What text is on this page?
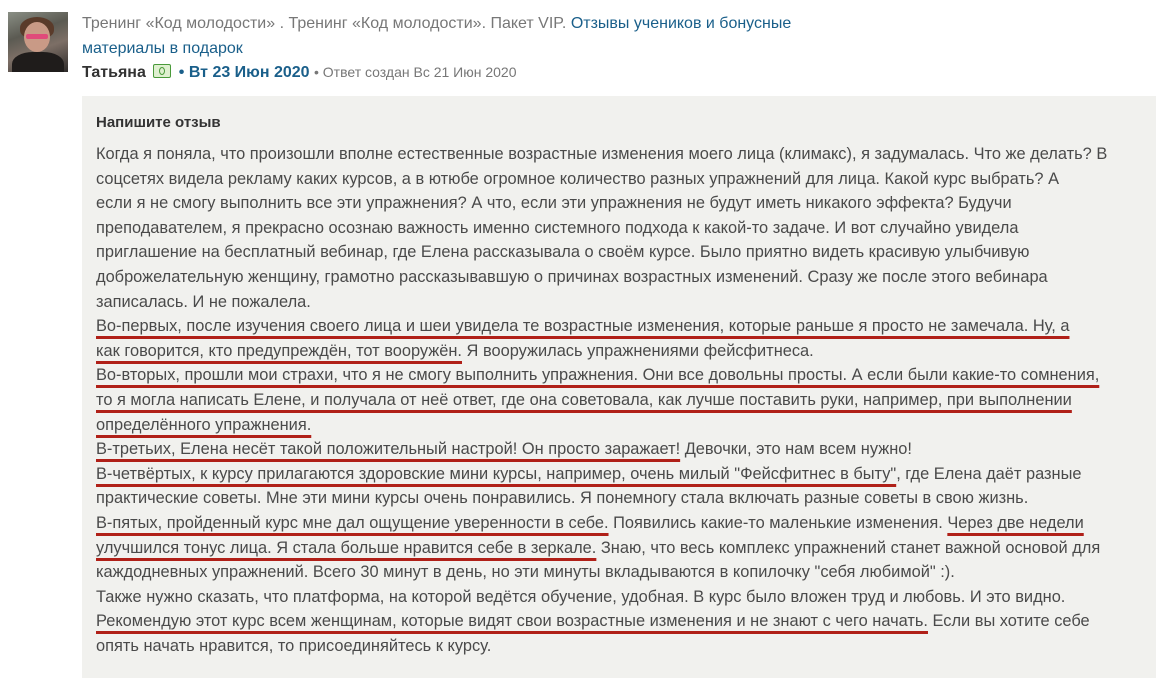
Тренинг «Код молодости» . Тренинг «Код молодости». Пакет VIP. Отзывы учеников и бонусные материалы в подарок
Татьяна • Вт 23 Июн 2020 • Ответ создан Вс 21 Июн 2020
Напишите отзыв
Когда я поняла, что произошли вполне естественные возрастные изменения моего лица (климакс), я задумалась. Что же делать? В
соцсетях видела рекламу каких курсов, а в ютюбе огромное количество разных упражнений для лица. Какой курс выбрать? А
если я не смогу выполнить все эти упражнения? А что, если эти упражнения не будут иметь никакого эффекта? Будучи
преподавателем, я прекрасно осознаю важность именно системного подхода к какой-то задаче. И вот случайно увидела
приглашение на бесплатный вебинар, где Елена рассказывала о своём курсе. Было приятно видеть красивую улыбчивую
доброжелательную женщину, грамотно рассказывавшую о причинах возрастных изменений. Сразу же после этого вебинара
записалась. И не пожалела.
Во-первых, после изучения своего лица и шеи увидела те возрастные изменения, которые раньше я просто не замечала. Ну, а
как говорится, кто предупреждён, тот вооружён. Я вооружилась упражнениями фейсфитнеса.
Во-вторых, прошли мои страхи, что я не смогу выполнить упражнения. Они все довольны просты. А если были какие-то сомнения,
то я могла написать Елене, и получала от неё ответ, где она советовала, как лучше поставить руки, например, при выполнении
определённого упражнения.
В-третьих, Елена несёт такой положительный настрой! Он просто заражает! Девочки, это нам всем нужно!
В-четвёртых, к курсу прилагаются здоровские мини курсы, например, очень милый "Фейсфитнес в быту", где Елена даёт разные
практические советы. Мне эти мини курсы очень понравились. Я понемногу стала включать разные советы в свою жизнь.
В-пятых, пройденный курс мне дал ощущение уверенности в себе. Появились какие-то маленькие изменения. Через две недели
улучшился тонус лица. Я стала больше нравится себе в зеркале. Знаю, что весь комплекс упражнений станет важной основой для
каждодневных упражнений. Всего 30 минут в день, но эти минуты вкладываются в копилочку "себя любимой" :).
Также нужно сказать, что платформа, на которой ведётся обучение, удобная. В курс было вложен труд и любовь. И это видно.
Рекомендую этот курс всем женщинам, которые видят свои возрастные изменения и не знают с чего начать. Если вы хотите себе
опять начать нравится, то присоединяйтесь к курсу.
